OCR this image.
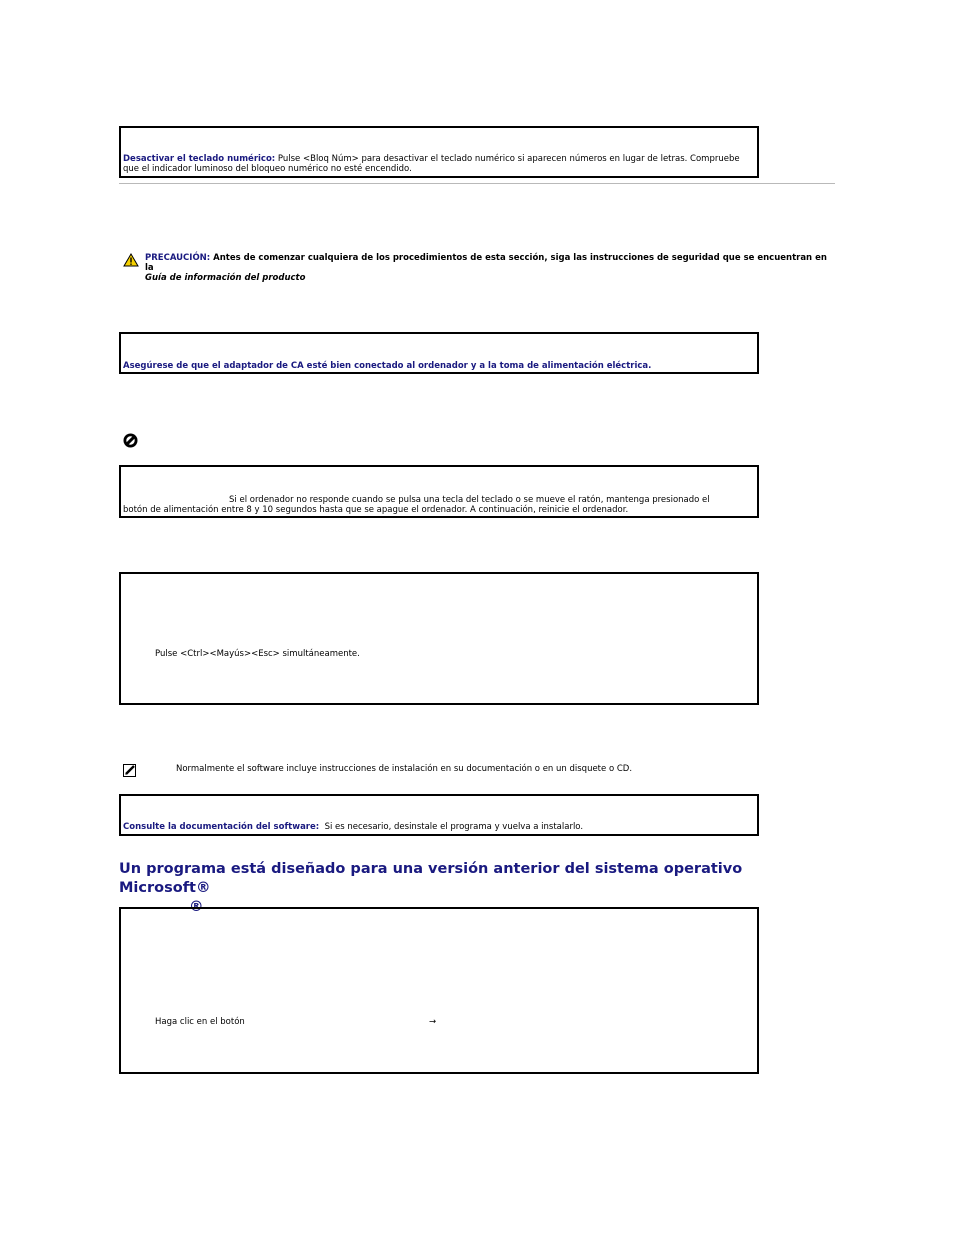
Desactivar el teclado numérico: Pulse <Bloq Núm> para desactivar el teclado numérico si aparecen números en lugar de letras. Compruebe que el indicador luminoso del bloqueo numérico no esté encendido.
PRECAUCIÓN: Antes de comenzar cualquiera de los procedimientos de esta sección, siga las instrucciones de seguridad que se encuentran en la
Guía de información del producto
Asegúrese de que el adaptador de CA esté bien conectado al ordenador y a la toma de alimentación eléctrica.
Si el ordenador no responde cuando se pulsa una tecla del teclado o se mueve el ratón, mantenga presionado el
botón de alimentación entre 8 y 10 segundos hasta que se apague el ordenador. A continuación, reinicie el ordenador.
Pulse <Ctrl><Mayús><Esc> simultáneamente.
Normalmente el software incluye instrucciones de instalación en su documentación o en un disquete o CD.
Consulte la documentación del software:  Si es necesario, desinstale el programa y vuelva a instalarlo.
Un programa está diseñado para una versión anterior del sistema operativo Microsoft®
®
Haga clic en el botón	→
